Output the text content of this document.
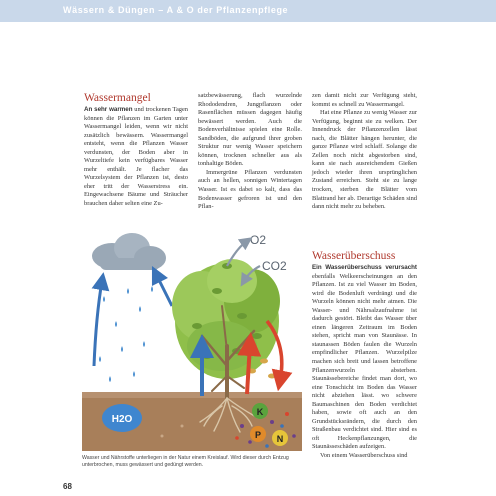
Wässern & Düngen – A & O der Pflanzenpflege
Wassermangel

An sehr warmen und trockenen Tagen können die Pflanzen im Garten unter Wassermangel leiden, wenn wir nicht zusätzlich bewässern. Wassermangel entsteht, wenn die Pflanzen Wasser verdunsten, der Boden aber in Wurzeltiefe kein verfügbares Wasser mehr enthält. Je flacher das Wurzelsystem der Pflanzen ist, desto eher tritt der Wasserstress ein. Eingewachsene Bäume und Sträucher brauchen daher selten eine Zu-

satzbewässerung, flach wurzelnde Rhododendren, Jungpflanzen oder Rasenflächen müssen dagegen häufig bewässert werden. Auch die Bodenverhältnisse spielen eine Rolle. Sandböden, die aufgrund ihrer groben Struktur nur wenig Wasser speichern können, trocknen schneller aus als tonhaltige Böden.

Immergrüne Pflanzen verdunsten auch an hellen, sonnigen Wintertagen Wasser. Ist es dabei so kalt, dass das Bodenwasser gefroren ist und den Pflan-

zen damit nicht zur Verfügung steht, kommt es schnell zu Wassermangel.

Hat eine Pflanze zu wenig Wasser zur Verfügung, beginnt sie zu welken. Der Innendruck der Pflanzenzellen lässt nach, die Blätter hängen herunter, die ganze Pflanze wird schlaff. Solange die Zellen noch nicht abgestorben sind, kann sie nach ausreichendem Gießen jedoch wieder ihren ursprünglichen Zustand erreichen. Steht sie zu lange trocken, sterben die Blätter vom Blattrand her ab. Derartige Schäden sind dann nicht mehr zu beheben.

Wasserüberschuss

Ein Wasserüberschuss verursacht ebenfalls Welkeerscheinungen an den Pflanzen. Ist zu viel Wasser im Boden, wird die Bodenluft verdrängt und die Wurzeln können nicht mehr atmen. Die Wasser- und Nährsalzaufnahme ist dadurch gestört. Bleibt das Wasser über einen längeren Zeitraum im Boden stehen, spricht man von Staunässe. In staunassen Böden faulen die Wurzeln empfindlicher Pflanzen. Wurzelpilze machen sich breit und lassen betroffene Pflanzenwurzeln absterben. Staunässebereiche findet man dort, wo eine Tonschicht im Boden das Wasser nicht abziehen lässt. wo schwere Baumaschinen den Boden verdichtet haben, sowie oft auch an den Grundstücksrändern, die durch den Straßenbau verdichtet sind. Hier sind es oft Heckenpflanzungen, die Staunässeschäden aufzeigen.

Von einem Wasserüberschuss sind

O2
CO2
H2O
K
P N
Wasser und Nährstoffe unterliegen in der Natur einem Kreislauf. Wird dieser durch Entzug unterbrochen, muss gewässert und gedüngt werden.
68
